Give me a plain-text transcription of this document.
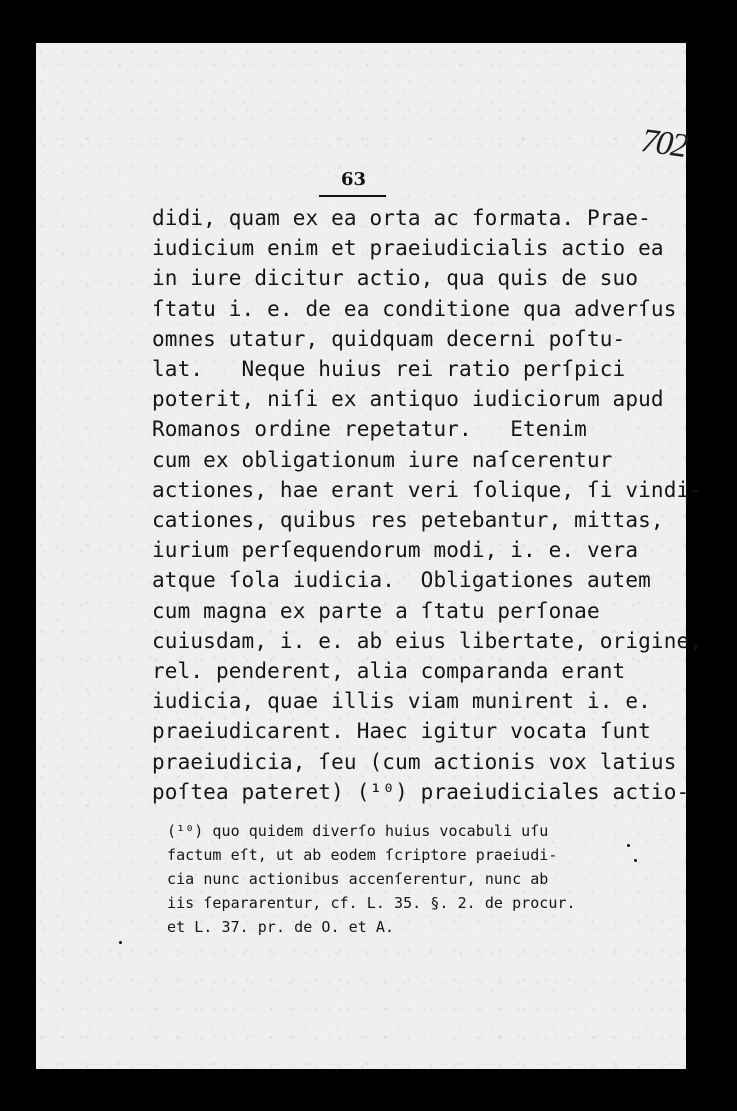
702
63
didi, quam ex ea orta ac formata. Prae-
iudicium enim et praeiudicialis actio ea
in iure dicitur actio, qua quis de suo
ſtatu i. e. de ea conditione qua adverſus
omnes utatur, quidquam decerni poſtu-
lat.   Neque huius rei ratio perſpici
poterit, niſi ex antiquo iudiciorum apud
Romanos ordine repetatur.   Etenim
cum ex obligationum iure naſcerentur
actiones, hae erant veri ſolique, ſi vindi-
cationes, quibus res petebantur, mittas,
iurium perſequendorum modi, i. e. vera
atque ſola iudicia.  Obligationes autem
cum magna ex parte a ſtatu perſonae
cuiusdam, i. e. ab eius libertate, origine,
rel. penderent, alia comparanda erant
iudicia, quae illis viam munirent i. e.
praeiudicarent. Haec igitur vocata ſunt
praeiudicia, ſeu (cum actionis vox latius
poſtea pateret) (¹⁰) praeiudiciales actio-
(¹⁰) quo quidem diverſo huius vocabuli uſu
factum eſt, ut ab eodem ſcriptore praeiudi-
cia nunc actionibus accenſerentur, nunc ab
iis ſepararentur, cf. L. 35. §. 2. de procur.
et L. 37. pr. de O. et A.
